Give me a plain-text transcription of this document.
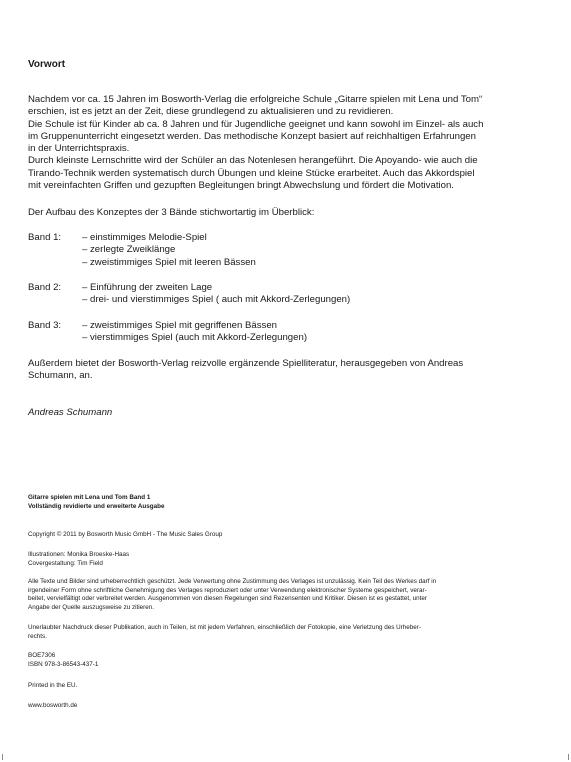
Vorwort
Nachdem vor ca. 15 Jahren im Bosworth-Verlag die erfolgreiche Schule „Gitarre spielen mit Lena und Tom“
erschien, ist es jetzt an der Zeit, diese grundlegend zu aktualisieren und zu revidieren.
Die Schule ist für Kinder ab ca. 8 Jahren und für Jugendliche geeignet und kann sowohl im Einzel- als auch
im Gruppenunterricht eingesetzt werden. Das methodische Konzept basiert auf reichhaltigen Erfahrungen
in der Unterrichtspraxis.
Durch kleinste Lernschritte wird der Schüler an das Notenlesen herangeführt. Die Apoyando- wie auch die
Tirando-Technik werden systematisch durch Übungen und kleine Stücke erarbeitet. Auch das Akkordspiel
mit vereinfachten Griffen und gezupften Begleitungen bringt Abwechslung und fördert die Motivation.
Der Aufbau des Konzeptes der 3 Bände stichwortartig im Überblick:
Band 1: – einstimmiges Melodie-Spiel
– zerlegte Zweiklänge
– zweistimmiges Spiel mit leeren Bässen
Band 2: – Einführung der zweiten Lage
– drei- und vierstimmiges Spiel ( auch mit Akkord-Zerlegungen)
Band 3: – zweistimmiges Spiel mit gegriffenen Bässen
– vierstimmiges Spiel (auch mit Akkord-Zerlegungen)
Außerdem bietet der Bosworth-Verlag reizvolle ergänzende Spielliteratur, herausgegeben von Andreas
Schumann, an.
Andreas Schumann
Gitarre spielen mit Lena und Tom Band 1
Vollständig revidierte und erweiterte Ausgabe
Copyright © 2011 by Bosworth Music GmbH - The Music Sales Group
Illustrationen: Monika Broeske-Haas
Covergestaltung: Tim Field
Alle Texte und Bilder sind urheberrechtlich geschützt. Jede Verwertung ohne Zustimmung des Verlages ist unzulässig. Kein Teil des Werkes darf in
irgendeiner Form ohne schriftliche Genehmigung des Verlages reproduziert oder unter Verwendung elektronischer Systeme gespeichert, verar-
beitet, vervielfältigt oder verbreitet werden. Ausgenommen von diesen Regelungen sind Rezensenten und Kritiker. Diesen ist es gestattet, unter
Angabe der Quelle auszugsweise zu zitieren.
Unerlaubter Nachdruck dieser Publikation, auch in Teilen, ist mit jedem Verfahren, einschließlich der Fotokopie, eine Verletzung des Urheber-
rechts.
BOE7306
ISBN 978-3-86543-437-1
Printed in the EU.
www.bosworth.de
